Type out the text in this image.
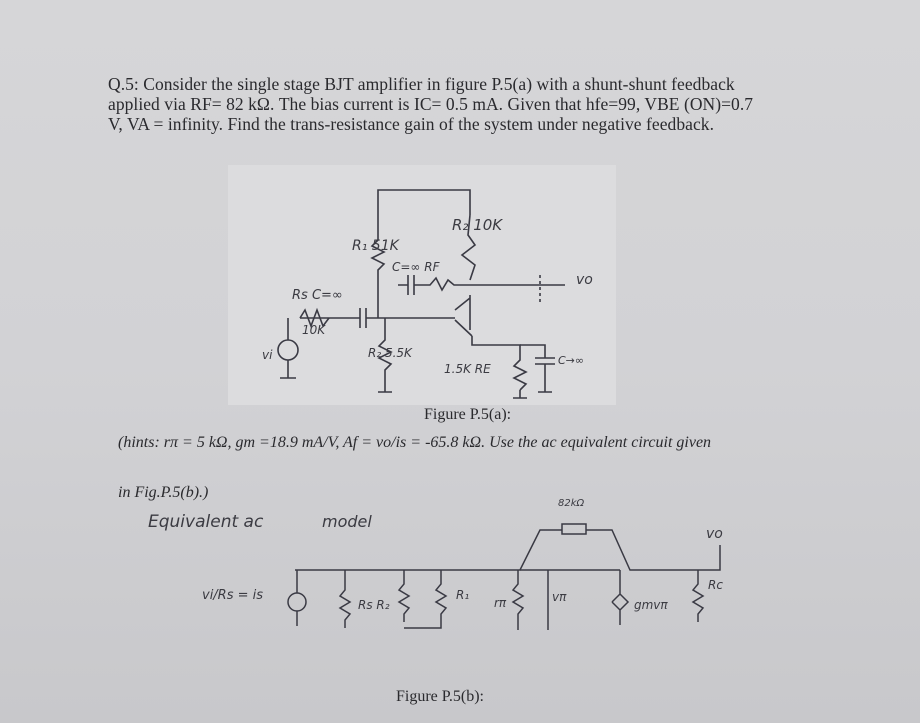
Q.5: Consider the single stage BJT amplifier in figure P.5(a) with a shunt-shunt feedback
applied via RF= 82 kΩ. The bias current is IC= 0.5 mA. Given that hfe=99, VBE (ON)=0.7
V, VA = infinity. Find the trans-resistance gain of the system under negative feedback.
R₂ 10K
R₁ 51K
C=∞ RF
Rs C=∞
10K
R₂ 5.5K
vi
1.5K RE
C→∞
vo
Figure P.5(a):
(hints: rπ = 5 kΩ, gm =18.9 mA/V, Af = vo/is = -65.8 kΩ. Use the ac equivalent circuit given
in Fig.P.5(b).)
Equivalent ac	model
vi/Rs = is
Rs R₂
R₁
rπ	vπ
82kΩ
gmvπ
vo
Rc
Figure P.5(b):
